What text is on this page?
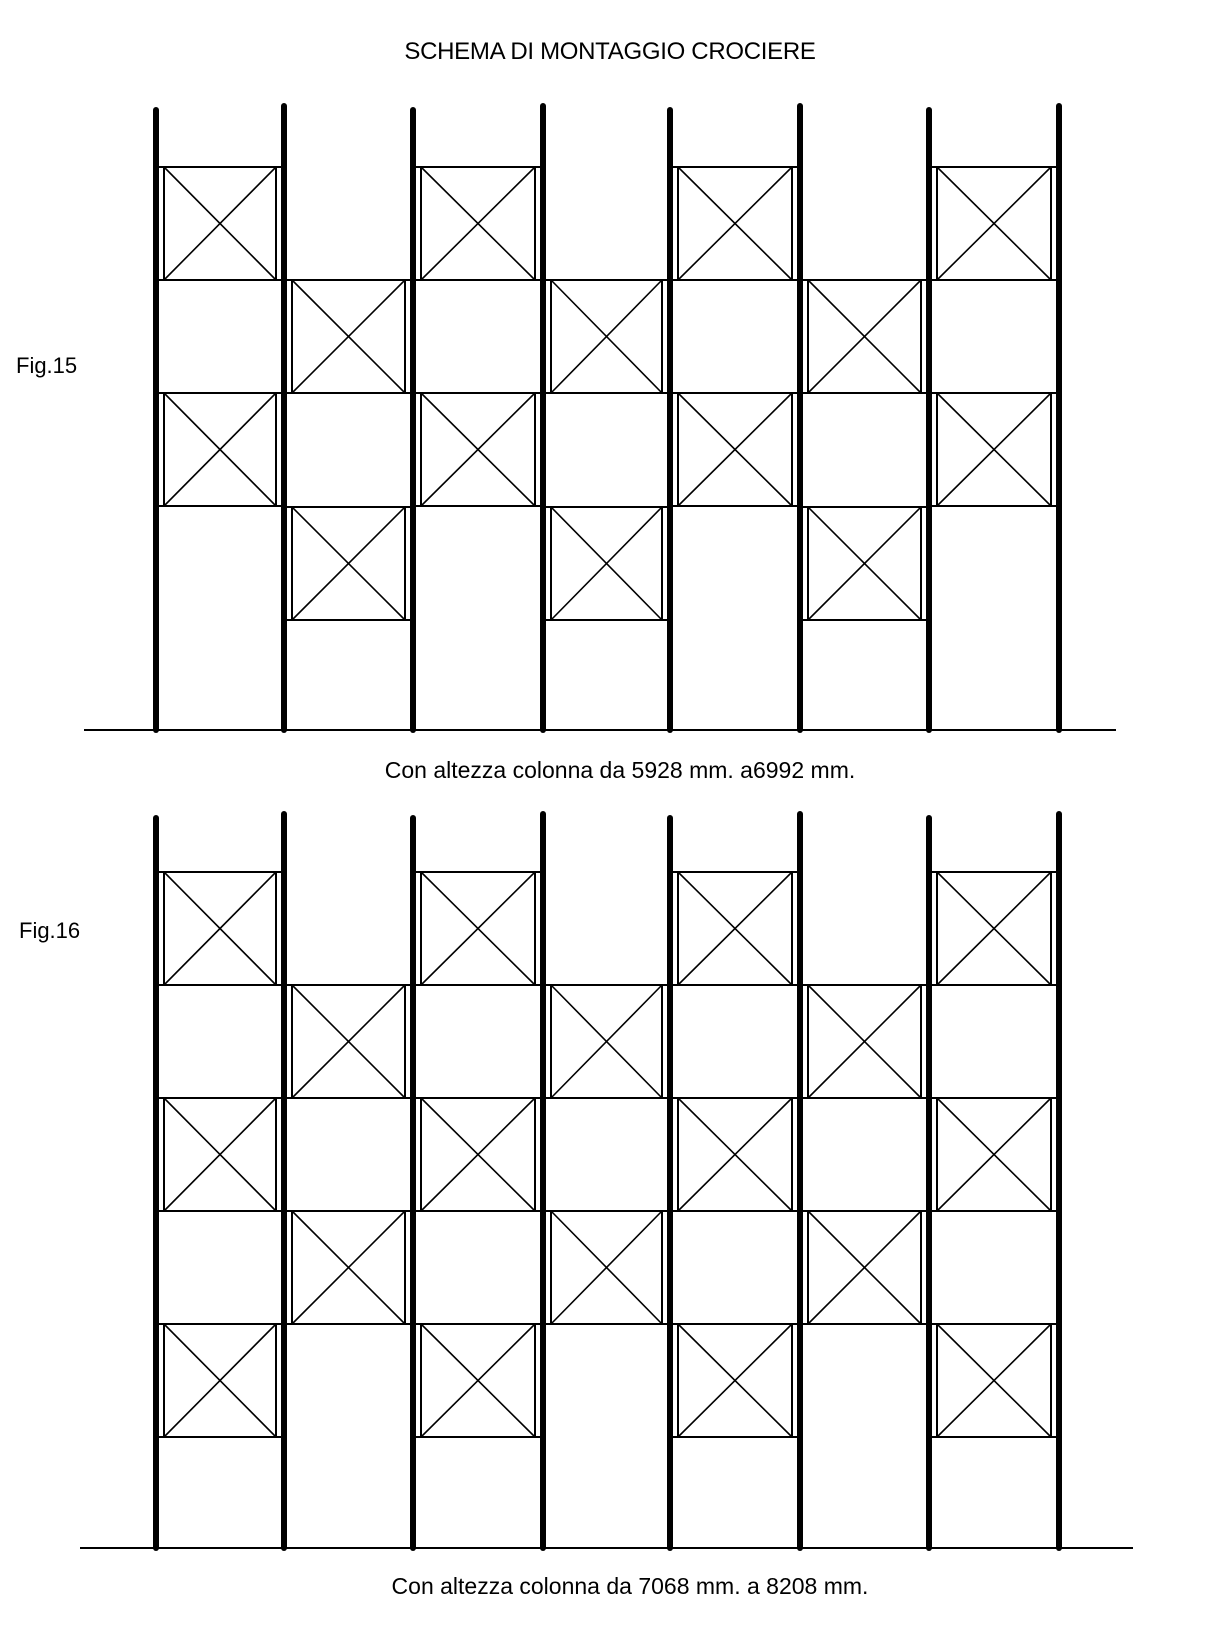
SCHEMA DI MONTAGGIO CROCIERE
Fig.15
Fig.16
Con altezza colonna da 5928 mm. a6992 mm.
Con altezza colonna da 7068 mm. a 8208 mm.
